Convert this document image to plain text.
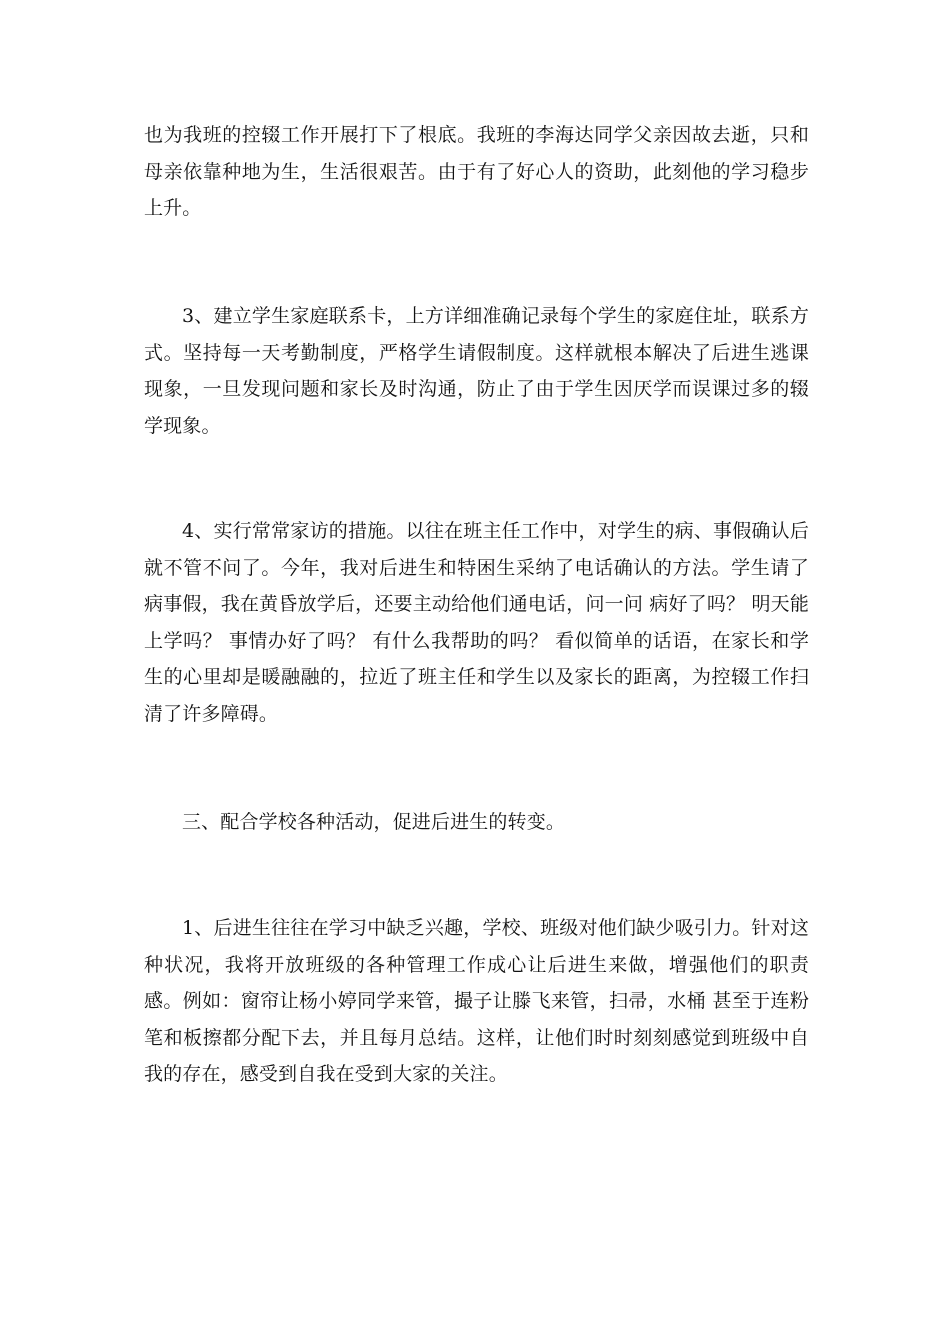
也为我班的控辍工作开展打下了根底。我班的李海达同学父亲因故去逝，只和母亲依靠种地为生，生活很艰苦。由于有了好心人的资助，此刻他的学习稳步上升。

3、建立学生家庭联系卡，上方详细准确记录每个学生的家庭住址，联系方式。坚持每一天考勤制度，严格学生请假制度。这样就根本解决了后进生逃课现象，一旦发现问题和家长及时沟通，防止了由于学生因厌学而误课过多的辍学现象。

4、实行常常家访的措施。以往在班主任工作中，对学生的病、事假确认后就不管不问了。今年，我对后进生和特困生采纳了电话确认的方法。学生请了病事假，我在黄昏放学后，还要主动给他们通电话，问一问 病好了吗？ 明天能上学吗？ 事情办好了吗？ 有什么我帮助的吗？ 看似简单的话语，在家长和学生的心里却是暖融融的，拉近了班主任和学生以及家长的距离，为控辍工作扫清了许多障碍。

三、配合学校各种活动，促进后进生的转变。

1、后进生往往在学习中缺乏兴趣，学校、班级对他们缺少吸引力。针对这种状况，我将开放班级的各种管理工作成心让后进生来做，增强他们的职责感。例如：窗帘让杨小婷同学来管，撮子让滕飞来管，扫帚，水桶 甚至于连粉笔和板擦都分配下去，并且每月总结。这样，让他们时时刻刻感觉到班级中自我的存在，感受到自我在受到大家的关注。
